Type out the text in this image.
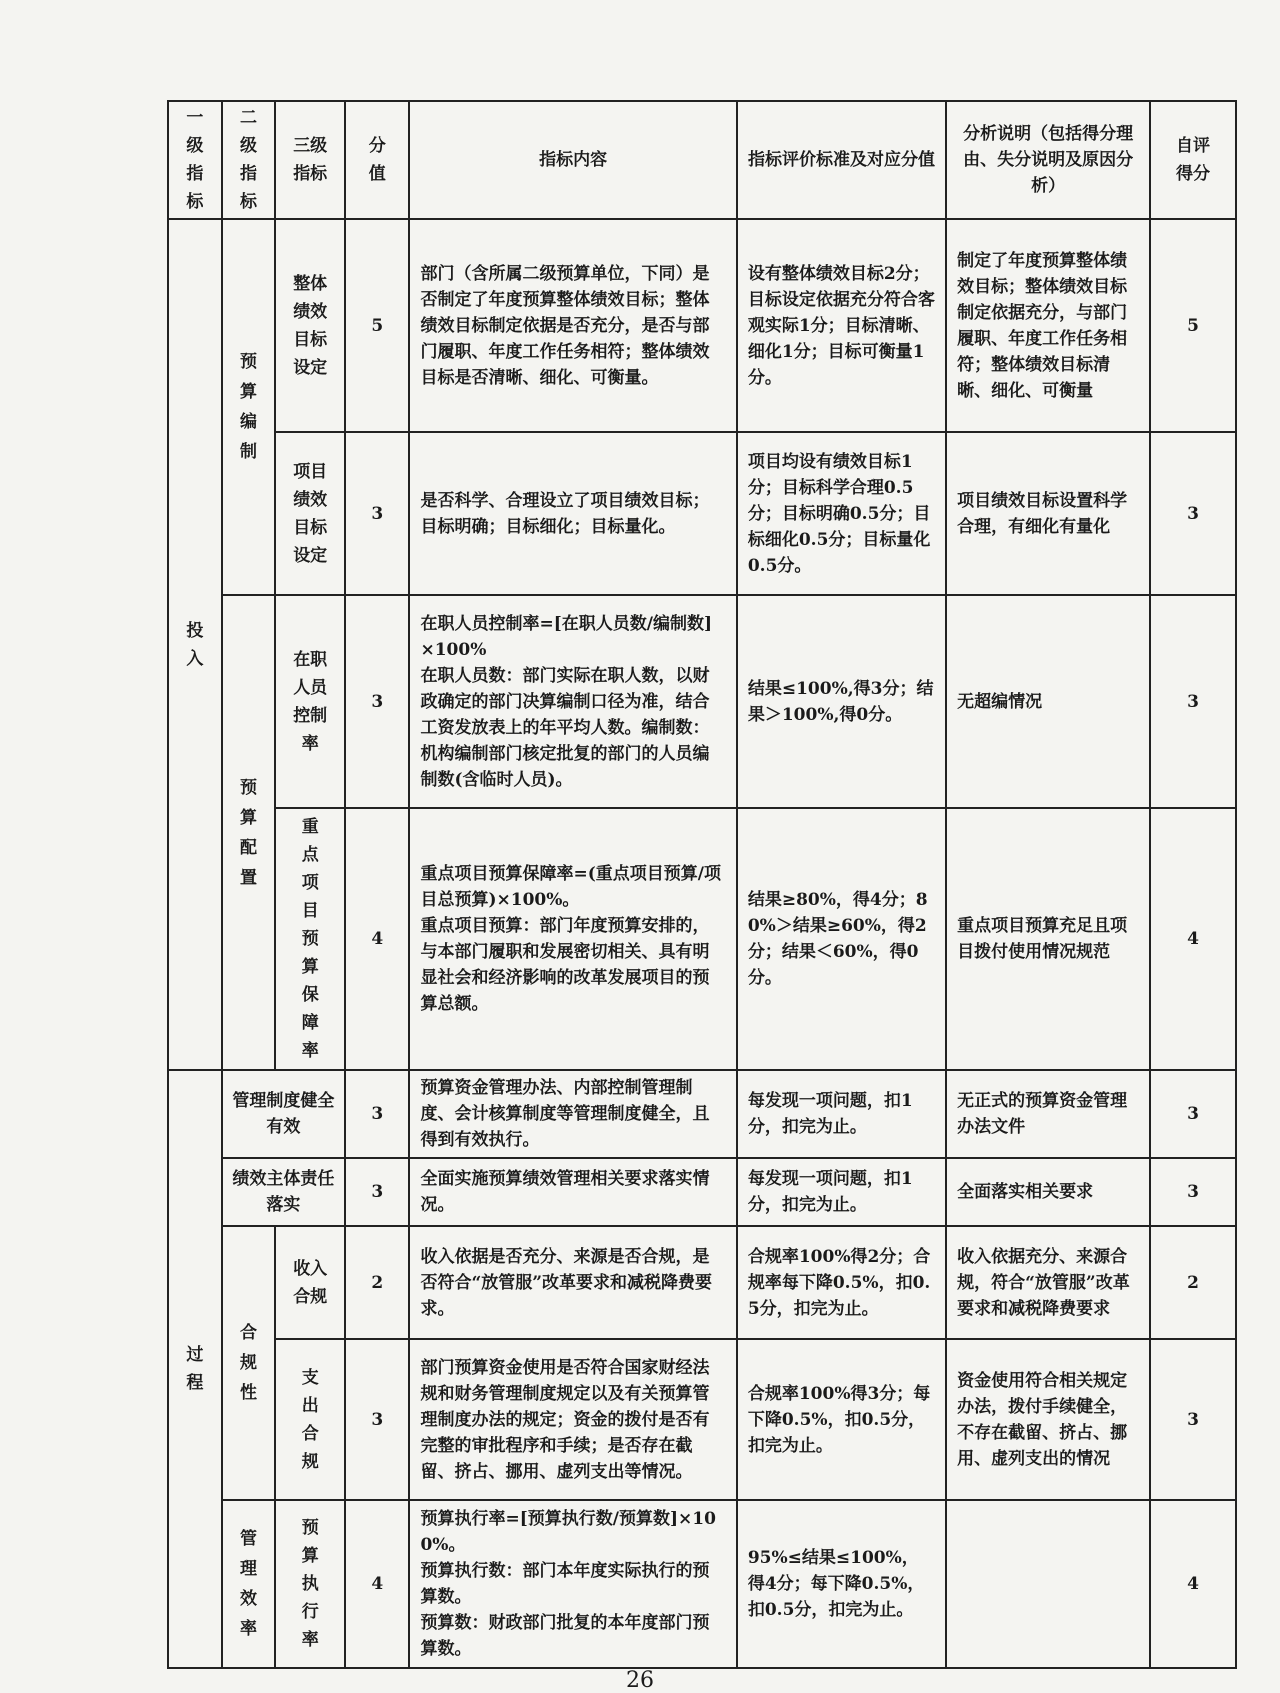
一级指标	二级指标	三级指标	分值	指标内容	指标评价标准及对应分值	分析说明（包括得分理由、失分说明及原因分析）	自评得分
投入	预算编制	整体绩效目标设定	5	部门（含所属二级预算单位，下同）是否制定了年度预算整体绩效目标；整体绩效目标制定依据是否充分，是否与部门履职、年度工作任务相符；整体绩效目标是否清晰、细化、可衡量。	设有整体绩效目标2分；目标设定依据充分符合客观实际1分；目标清晰、细化1分；目标可衡量1分。	制定了年度预算整体绩效目标；整体绩效目标制定依据充分，与部门履职、年度工作任务相符；整体绩效目标清晰、细化、可衡量	5
		项目绩效目标设定	3	是否科学、合理设立了项目绩效目标；目标明确；目标细化；目标量化。	项目均设有绩效目标1分；目标科学合理0.5分；目标明确0.5分；目标细化0.5分；目标量化0.5分。	项目绩效目标设置科学合理，有细化有量化	3
	预算配置	在职人员控制率	3	在职人员控制率=[在职人员数/编制数]×100%
在职人员数：部门实际在职人数，以财政确定的部门决算编制口径为准，结合工资发放表上的年平均人数。编制数：机构编制部门核定批复的部门的人员编制数(含临时人员)。	结果≤100%,得3分；结果＞100%,得0分。	无超编情况	3
		重点项目预算保障率	4	重点项目预算保障率=(重点项目预算/项目总预算)×100%。
重点项目预算：部门年度预算安排的，与本部门履职和发展密切相关、具有明显社会和经济影响的改革发展项目的预算总额。	结果≥80%，得4分；80%＞结果≥60%，得2分；结果＜60%，得0分。	重点项目预算充足且项目拨付使用情况规范	4
过程	管理制度健全有效		3	预算资金管理办法、内部控制管理制度、会计核算制度等管理制度健全，且得到有效执行。	每发现一项问题，扣1分，扣完为止。	无正式的预算资金管理办法文件	3
	绩效主体责任落实		3	全面实施预算绩效管理相关要求落实情况。	每发现一项问题，扣1分，扣完为止。	全面落实相关要求	3
	合规性	收入合规	2	收入依据是否充分、来源是否合规，是否符合“放管服”改革要求和减税降费要求。	合规率100%得2分；合规率每下降0.5%，扣0.5分，扣完为止。	收入依据充分、来源合规，符合“放管服”改革要求和减税降费要求	2
		支出合规	3	部门预算资金使用是否符合国家财经法规和财务管理制度规定以及有关预算管理制度办法的规定；资金的拨付是否有完整的审批程序和手续；是否存在截留、挤占、挪用、虚列支出等情况。	合规率100%得3分；每下降0.5%，扣0.5分，扣完为止。	资金使用符合相关规定办法，拨付手续健全，不存在截留、挤占、挪用、虚列支出的情况	3
	管理效率	预算执行率	4	预算执行率=[预算执行数/预算数]×100%。
预算执行数：部门本年度实际执行的预算数。
预算数：财政部门批复的本年度部门预算数。	95%≤结果≤100%，得4分；每下降0.5%，扣0.5分，扣完为止。		4
26
